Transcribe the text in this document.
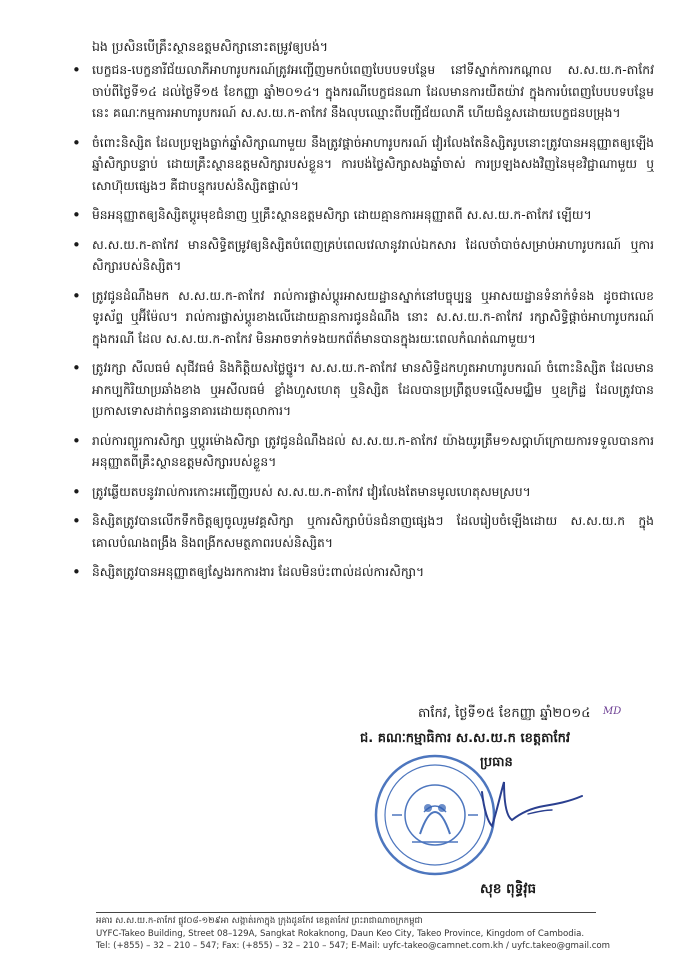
ឯង ប្រសិនបើគ្រឹះស្ថានឧត្តមសិក្សានោះតម្រូវឲ្យបង់។
• បេក្ខជន-បេក្ខនារីជ័យលាភីអាហារូបករណ៍ត្រូវអញ្ជើញមកបំពេញបែបបទបន្ថែម នៅទីស្នាក់ការកណ្តាល ស.ស.យ.ក-តាកែវ ចាប់ពីថ្ងៃទី១៤ ដល់ថ្ងៃទី១៥ ខែកញ្ញា ឆ្នាំ២០១៤។ ក្នុងករណីបេក្ខជនណា ដែលមានការយឺតយ៉ាវ ក្នុងការបំពេញបែបបទបន្ថែមនេះ គណៈកម្មការអាហារូបករណ៍ ស.ស.យ.ក-តាកែវ នឹងលុបឈ្មោះពីបញ្ជីជ័យលាភី ហើយជំនួសដោយបេក្ខជនបម្រុង។
• ចំពោះនិស្សិត ដែលប្រឡងធ្លាក់ឆ្នាំសិក្សាណាមួយ នឹងត្រូវផ្តាច់អាហារូបករណ៍ វៀរលែងតែនិស្សិតរូបនោះត្រូវបានអនុញ្ញាតឲ្យឡើងឆ្នាំសិក្សាបន្ទាប់ ដោយគ្រឹះស្ថានឧត្តមសិក្សារបស់ខ្លួន។ ការបង់ថ្លៃសិក្សាសងឆ្នាំចាស់ ការប្រឡងសងវិញនៃមុខវិជ្ជាណាមួយ ឬសោហ៊ុយផ្សេងៗ គឺជាបន្ទុករបស់និស្សិតផ្ទាល់។
• មិនអនុញ្ញាតឲ្យនិស្សិតប្តូរមុខជំនាញ ឬគ្រឹះស្ថានឧត្តមសិក្សា ដោយគ្មានការអនុញ្ញាតពី ស.ស.យ.ក-តាកែវ ឡើយ។
• ស.ស.យ.ក-តាកែវ មានសិទ្ធិតម្រូវឲ្យនិស្សិតបំពេញគ្រប់ពេលវេលានូវរាល់ឯកសារ ដែលចាំបាច់សម្រាប់អាហារូបករណ៍ ឬការសិក្សារបស់និស្សិត។
• ត្រូវជូនដំណឹងមក ស.ស.យ.ក-តាកែវ រាល់ការផ្លាស់ប្តូរអាសយដ្ឋានស្នាក់នៅបច្ចុប្បន្ន ឬអាសយដ្ឋានទំនាក់ទំនង ដូចជាលេខទូរស័ព្ទ ឬអ៊ីម៉ែល។ រាល់ការផ្លាស់ប្តូរខាងលើដោយគ្មានការជូនដំណឹង នោះ ស.ស.យ.ក-តាកែវ រក្សាសិទ្ធិផ្តាច់អាហារូបករណ៍ ក្នុងករណី ដែល ស.ស.យ.ក-តាកែវ មិនអាចទាក់ទងយកព័ត៌មានបានក្នុងរយៈពេលកំណត់ណាមួយ។
• ត្រូវរក្សា សីលធម៌ សុជីវធម៌ និងកិត្តិយសថ្លៃថ្នូរ។ ស.ស.យ.ក-តាកែវ មានសិទ្ធិដកហូតអាហារូបករណ៍ ចំពោះនិស្សិត ដែលមានអាកប្បកិរិយាប្រឆាំងខាង ឬអសីលធម៌ ខ្លាំងហួសហេតុ ឬនិស្សិត ដែលបានប្រព្រឹត្តបទល្មើសមជ្ឈិម ឬឧក្រិដ្ឋ ដែលត្រូវបានប្រកាសទោសដាក់ពន្ធនាគារដោយតុលាការ។
• រាល់ការព្យួរការសិក្សា ឬប្តូរម៉ោងសិក្សា ត្រូវជូនដំណឹងដល់ ស.ស.យ.ក-តាកែវ យ៉ាងយូរត្រឹម១សប្តាហ៍ក្រោយការទទួលបានការអនុញ្ញាតពីគ្រឹះស្ថានឧត្តមសិក្សារបស់ខ្លួន។
• ត្រូវឆ្លើយតបនូវរាល់ការកោះអញ្ជើញរបស់ ស.ស.យ.ក-តាកែវ វៀរលែងតែមានមូលហេតុសមស្រប។
• និស្សិតត្រូវបានលើកទឹកចិត្តឲ្យចូលរួមវគ្គសិក្សា ឬការសិក្សាបំប៉នជំនាញផ្សេងៗ ដែលរៀបចំឡើងដោយ ស.ស.យ.ក ក្នុងគោលបំណងពង្រឹង និងពង្រីកសមត្ថភាពរបស់និស្សិត។
• និស្សិតត្រូវបានអនុញ្ញាតឲ្យស្វែងរកការងារ ដែលមិនប៉ះពាល់ដល់ការសិក្សា។
តាកែវ, ថ្ងៃទី១៥ ខែកញ្ញា ឆ្នាំ២០១៤ MD
ជ. គណៈកម្មាធិការ ស.ស.យ.ក ខេត្តតាកែវ
ប្រធាន
សុខ ពុទ្ធិវុធ
អគារ ស.ស.យ.ក-តាកែវ ផ្លូវ០៨-១២៩អា សង្កាត់រកាក្នុង ក្រុងដូនកែវ ខេត្តតាកែវ ព្រះរាជាណាចក្រកម្ពុជា
UYFC-Takeo Building, Street 08–129A, Sangkat Rokaknong, Daun Keo City, Takeo Province, Kingdom of Cambodia.
Tel: (+855) – 32 – 210 – 547; Fax: (+855) – 32 – 210 – 547; E-Mail: uyfc-takeo@camnet.com.kh / uyfc.takeo@gmail.com
